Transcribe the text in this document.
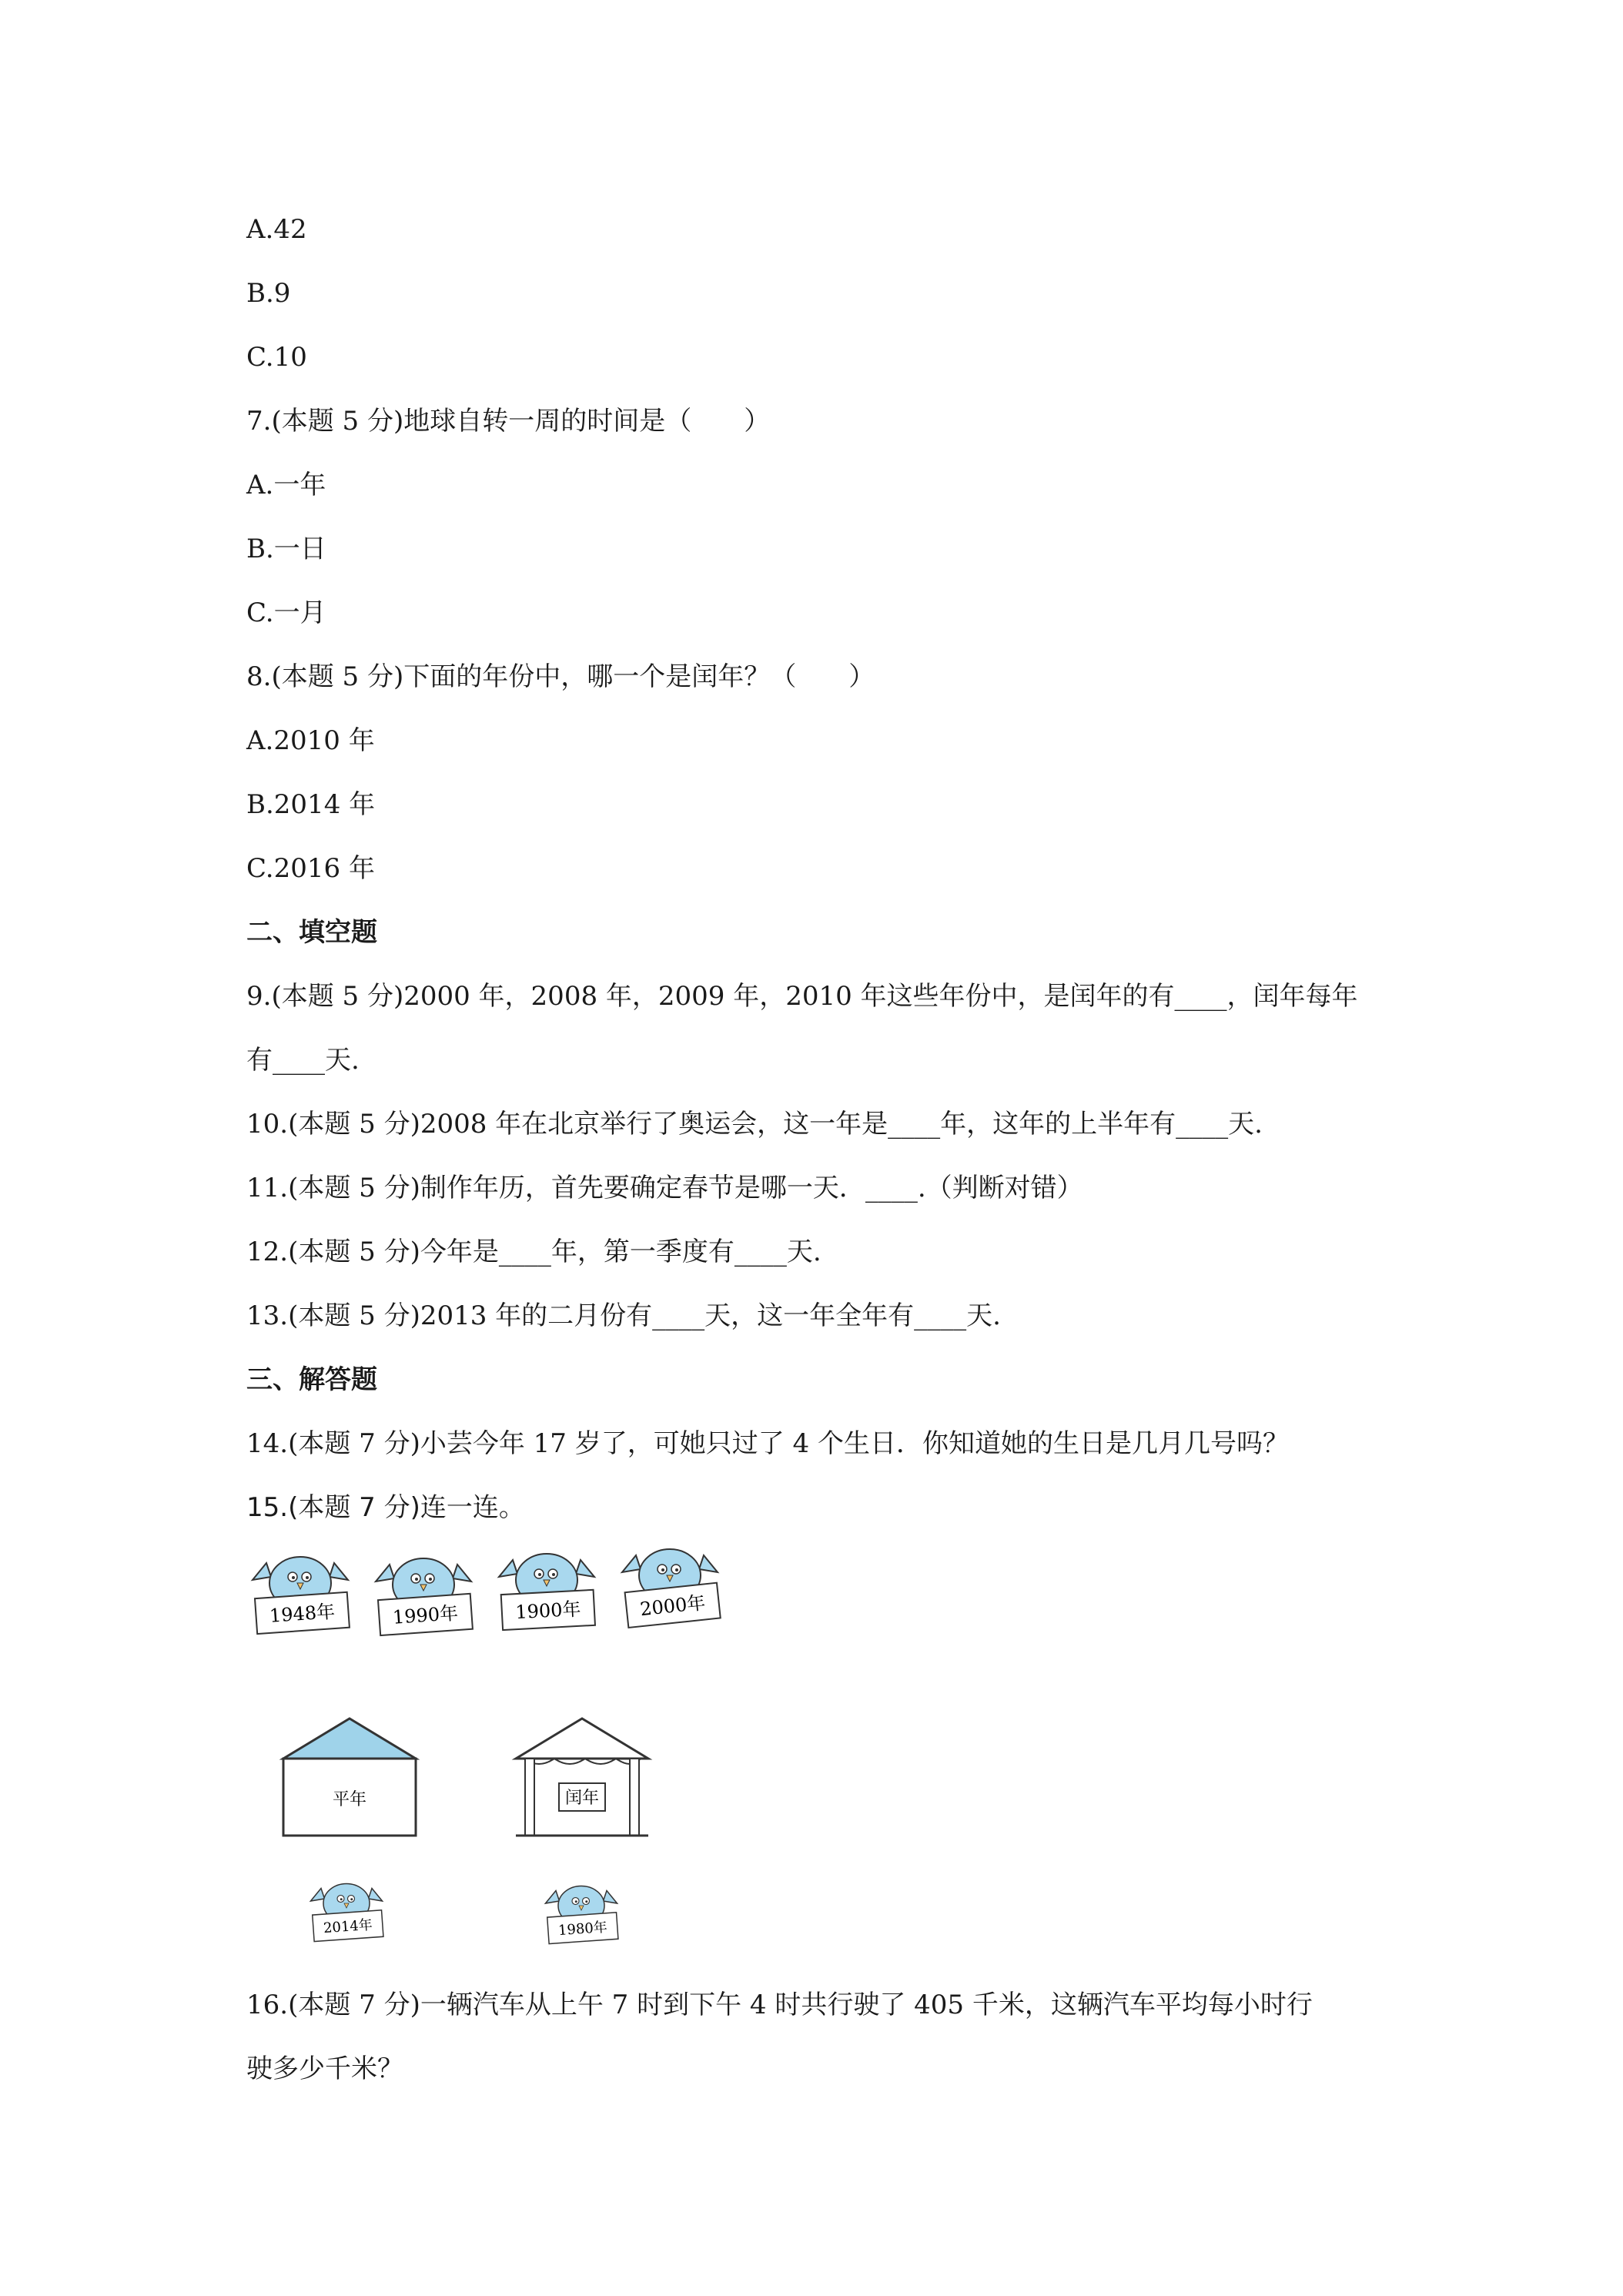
A.42
B.9
C.10
7.(本题 5 分)地球自转一周的时间是（　　）
A.一年
B.一日
C.一月
8.(本题 5 分)下面的年份中，哪一个是闰年？（　　）
A.2010 年
B.2014 年
C.2016 年
二、填空题
9.(本题 5 分)2000 年，2008 年，2009 年，2010 年这些年份中，是闰年的有____，闰年每年
有____天.
10.(本题 5 分)2008 年在北京举行了奥运会，这一年是____年，这年的上半年有____天.
11.(本题 5 分)制作年历，首先要确定春节是哪一天．____.（判断对错）
12.(本题 5 分)今年是____年，第一季度有____天.
13.(本题 5 分)2013 年的二月份有____天，这一年全年有____天.
三、解答题
14.(本题 7 分)小芸今年 17 岁了，可她只过了 4 个生日．你知道她的生日是几月几号吗？
15.(本题 7 分)连一连。
1948年	1990年	1900年	2000年
平年	闰年
2014年	1980年
16.(本题 7 分)一辆汽车从上午 7 时到下午 4 时共行驶了 405 千米，这辆汽车平均每小时行
驶多少千米？
